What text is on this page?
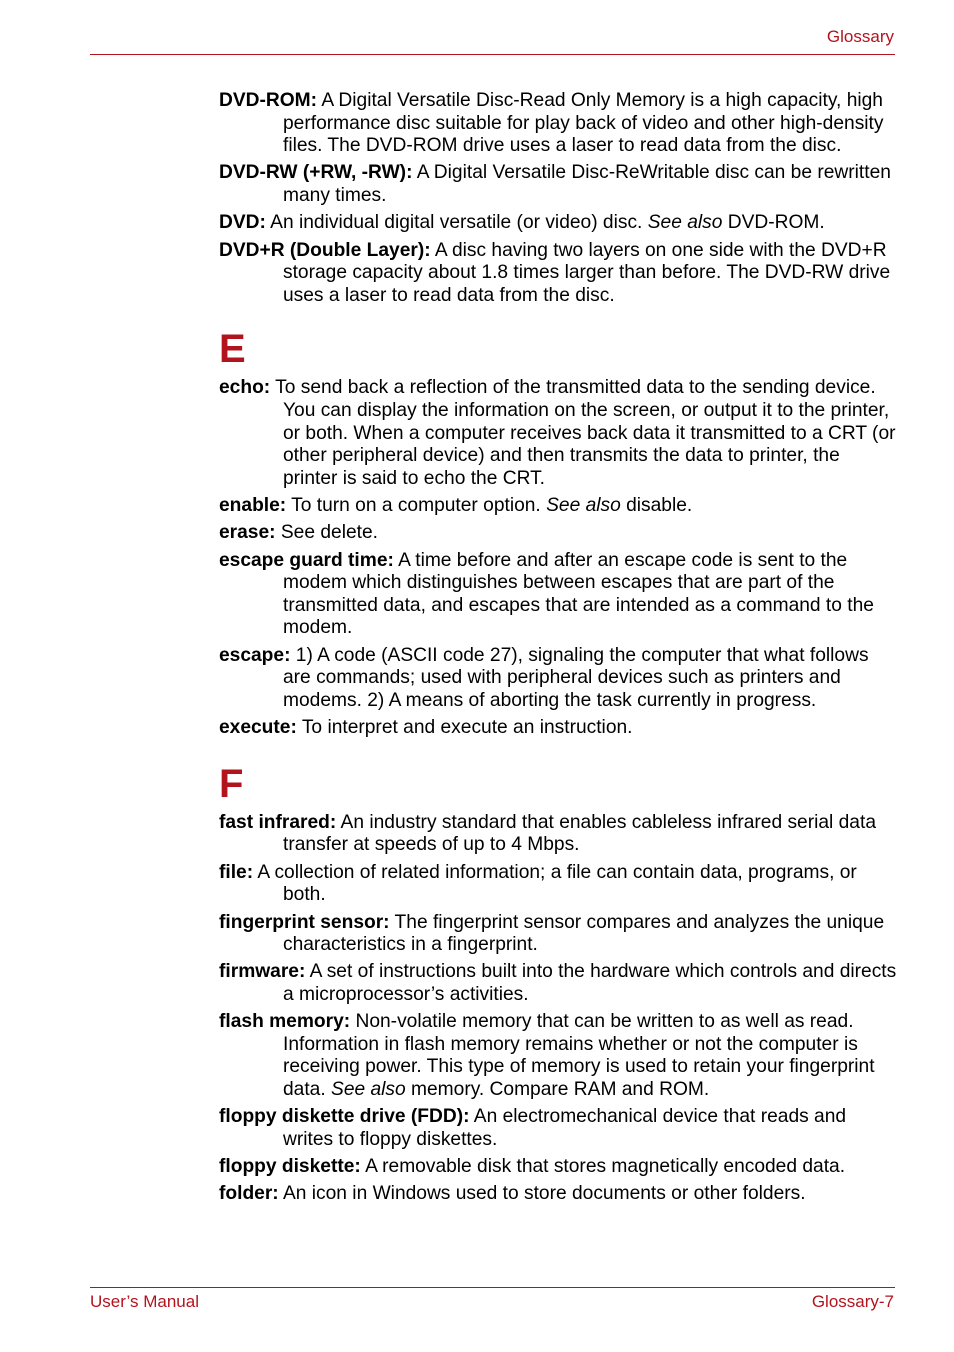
Glossary

DVD-ROM: A Digital Versatile Disc-Read Only Memory is a high capacity, high performance disc suitable for play back of video and other high-density files. The DVD-ROM drive uses a laser to read data from the disc.

DVD-RW (+RW, -RW): A Digital Versatile Disc-ReWritable disc can be rewritten many times.

DVD: An individual digital versatile (or video) disc. See also DVD-ROM.

DVD+R (Double Layer): A disc having two layers on one side with the DVD+R storage capacity about 1.8 times larger than before. The DVD-RW drive uses a laser to read data from the disc.

E

echo: To send back a reflection of the transmitted data to the sending device. You can display the information on the screen, or output it to the printer, or both. When a computer receives back data it transmitted to a CRT (or other peripheral device) and then transmits the data to printer, the printer is said to echo the CRT.

enable: To turn on a computer option. See also disable.

erase: See delete.

escape guard time: A time before and after an escape code is sent to the modem which distinguishes between escapes that are part of the transmitted data, and escapes that are intended as a command to the modem.

escape: 1) A code (ASCII code 27), signaling the computer that what follows are commands; used with peripheral devices such as printers and modems. 2) A means of aborting the task currently in progress.

execute: To interpret and execute an instruction.

F

fast infrared: An industry standard that enables cableless infrared serial data transfer at speeds of up to 4 Mbps.

file: A collection of related information; a file can contain data, programs, or both.

fingerprint sensor: The fingerprint sensor compares and analyzes the unique characteristics in a fingerprint.

firmware: A set of instructions built into the hardware which controls and directs a microprocessor’s activities.

flash memory: Non-volatile memory that can be written to as well as read. Information in flash memory remains whether or not the computer is receiving power. This type of memory is used to retain your fingerprint data. See also memory. Compare RAM and ROM.

floppy diskette drive (FDD): An electromechanical device that reads and writes to floppy diskettes.

floppy diskette: A removable disk that stores magnetically encoded data.

folder: An icon in Windows used to store documents or other folders.

User’s Manual	Glossary-7
